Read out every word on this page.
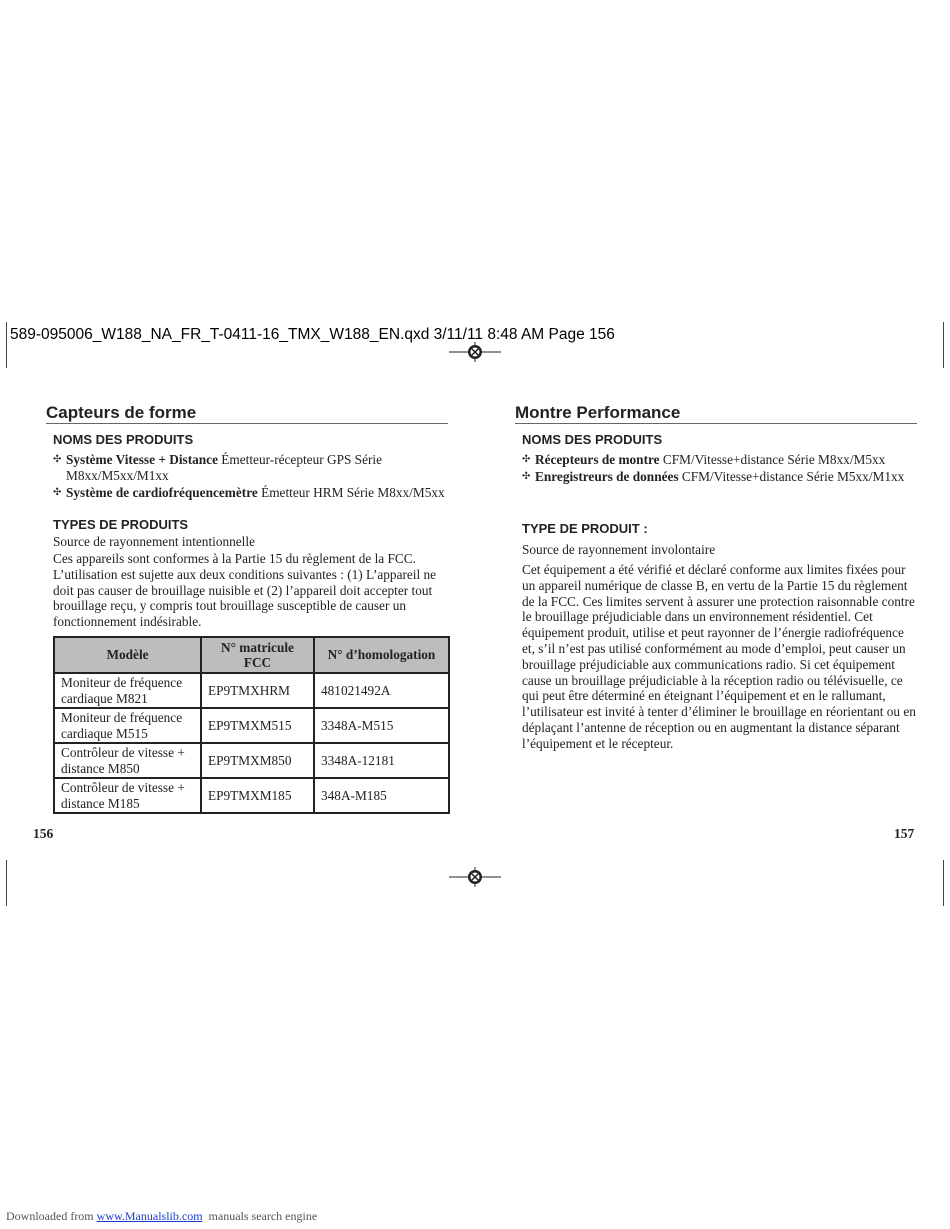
589-095006_W188_NA_FR_T-0411-16_TMX_W188_EN.qxd 3/11/11 8:48 AM Page 156
Capteurs de forme
NOMS DES PRODUITS
✣ Système Vitesse + Distance Émetteur-récepteur GPS Série M8xx/M5xx/M1xx
✣ Système de cardiofréquencemètre Émetteur HRM Série M8xx/M5xx
TYPES DE PRODUITS
Source de rayonnement intentionnelle
Ces appareils sont conformes à la Partie 15 du règlement de la FCC. L’utilisation est sujette aux deux conditions suivantes : (1) L’appareil ne doit pas causer de brouillage nuisible et (2) l’appareil doit accepter tout brouillage reçu, y compris tout brouillage susceptible de causer un fonctionnement indésirable.
Modèle	N° matricule FCC	N° d’homologation
Moniteur de fréquence cardiaque M821	EP9TMXHRM	481021492A
Moniteur de fréquence cardiaque M515	EP9TMXM515	3348A-M515
Contrôleur de vitesse + distance M850	EP9TMXM850	3348A-12181
Contrôleur de vitesse + distance M185	EP9TMXM185	348A-M185
156
Montre Performance
NOMS DES PRODUITS
✣ Récepteurs de montre CFM/Vitesse+distance Série M8xx/M5xx
✣ Enregistreurs de données CFM/Vitesse+distance Série M5xx/M1xx
TYPE DE PRODUIT :
Source de rayonnement involontaire
Cet équipement a été vérifié et déclaré conforme aux limites fixées pour un appareil numérique de classe B, en vertu de la Partie 15 du règlement de la FCC. Ces limites servent à assurer une protection raisonnable contre le brouillage préjudiciable dans un environnement résidentiel. Cet équipement produit, utilise et peut rayonner de l’énergie radiofréquence et, s’il n’est pas utilisé conformément au mode d’emploi, peut causer un brouillage préjudiciable aux communications radio. Si cet équipement cause un brouillage préjudiciable à la réception radio ou télévisuelle, ce qui peut être déterminé en éteignant l’équipement et en le rallumant, l’utilisateur est invité à tenter d’éliminer le brouillage en réorientant ou en déplaçant l’antenne de réception ou en augmentant la distance séparant l’équipement et le récepteur.
157
Downloaded from www.Manualslib.com  manuals search engine
